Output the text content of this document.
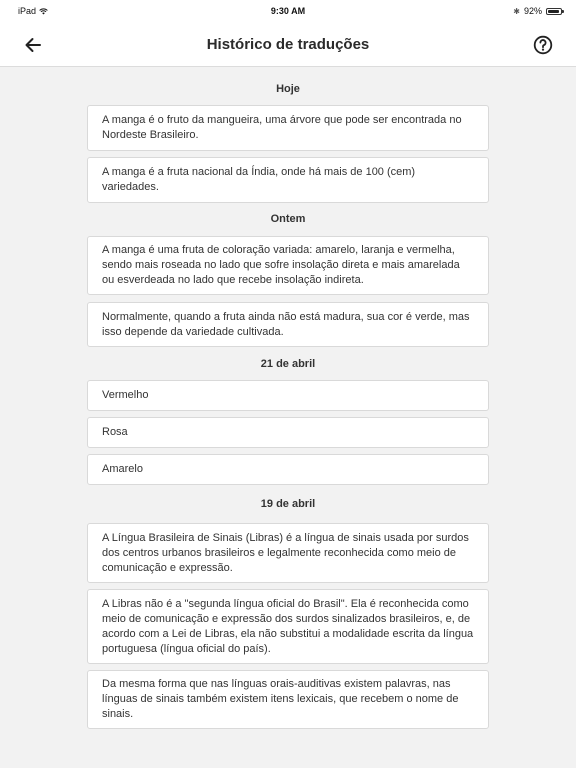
iPad	9:30 AM	✱ 92%
Histórico de traduções
Hoje
A manga é o fruto da mangueira, uma árvore que pode ser encontrada no Nordeste Brasileiro.
A manga é a fruta nacional da Índia, onde há mais de 100 (cem) variedades.
Ontem
A manga é uma fruta de coloração variada: amarelo, laranja e vermelha, sendo mais roseada no lado que sofre insolação direta e mais amarelada ou esverdeada no lado que recebe insolação indireta.
Normalmente, quando a fruta ainda não está madura, sua cor é verde, mas isso depende da variedade cultivada.
21 de abril
Vermelho
Rosa
Amarelo
19 de abril
A Língua Brasileira de Sinais (Libras) é a língua de sinais usada por surdos dos centros urbanos brasileiros e legalmente reconhecida como meio de comunicação e expressão.
A Libras não é a "segunda língua oficial do Brasil". Ela é reconhecida como meio de comunicação e expressão dos surdos sinalizados brasileiros, e, de acordo com a Lei de Libras, ela não substitui a modalidade escrita da língua portuguesa (língua oficial do país).
Da mesma forma que nas línguas orais-auditivas existem palavras, nas línguas de sinais também existem itens lexicais, que recebem o nome de sinais.
